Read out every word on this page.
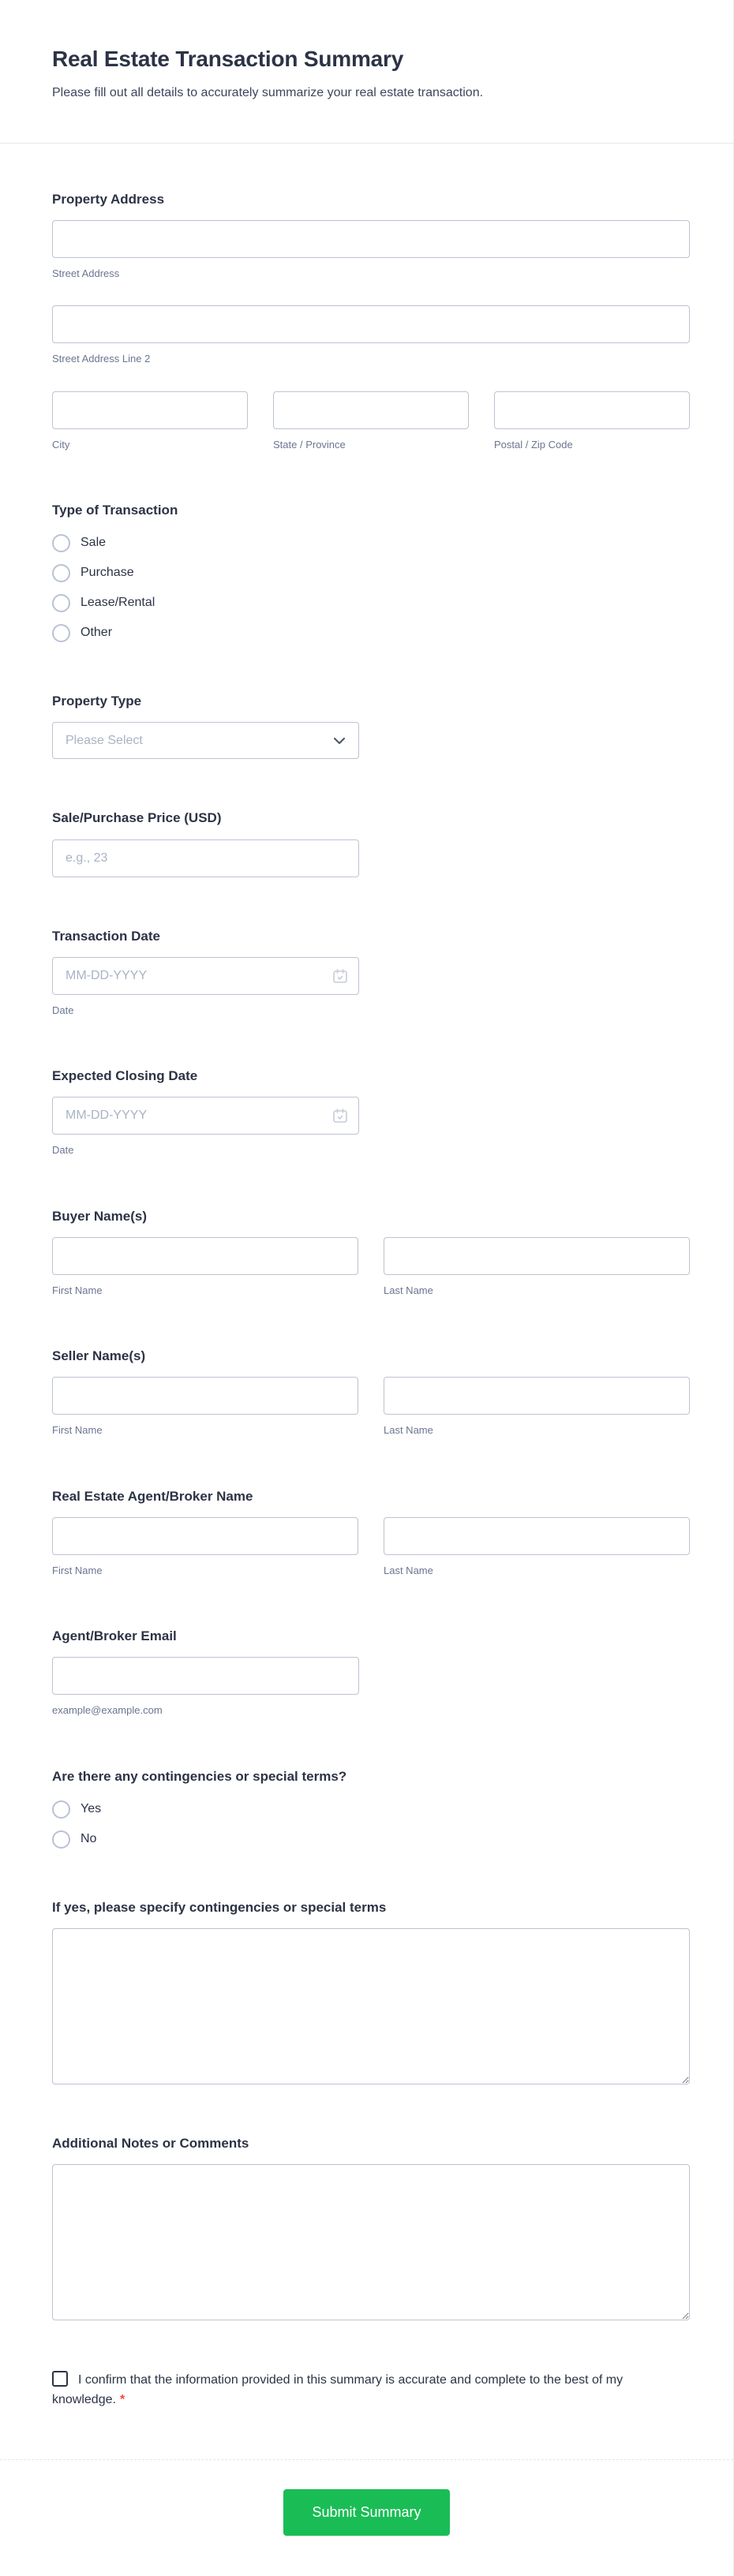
Real Estate Transaction Summary

Please fill out all details to accurately summarize your real estate transaction.

Property Address
Street Address
Street Address Line 2
City	State / Province	Postal / Zip Code
Type of Transaction
Sale
Purchase
Lease/Rental
Other
Property Type
Please Select
Sale/Purchase Price (USD)
e.g., 23
Transaction Date
MM-DD-YYYY
Date
Expected Closing Date
MM-DD-YYYY
Date
Buyer Name(s)
First Name	Last Name
Seller Name(s)
First Name	Last Name
Real Estate Agent/Broker Name
First Name	Last Name
Agent/Broker Email
example@example.com
Are there any contingencies or special terms?
Yes
No
If yes, please specify contingencies or special terms
Additional Notes or Comments
I confirm that the information provided in this summary is accurate and complete to the best of my knowledge. *
Submit Summary
